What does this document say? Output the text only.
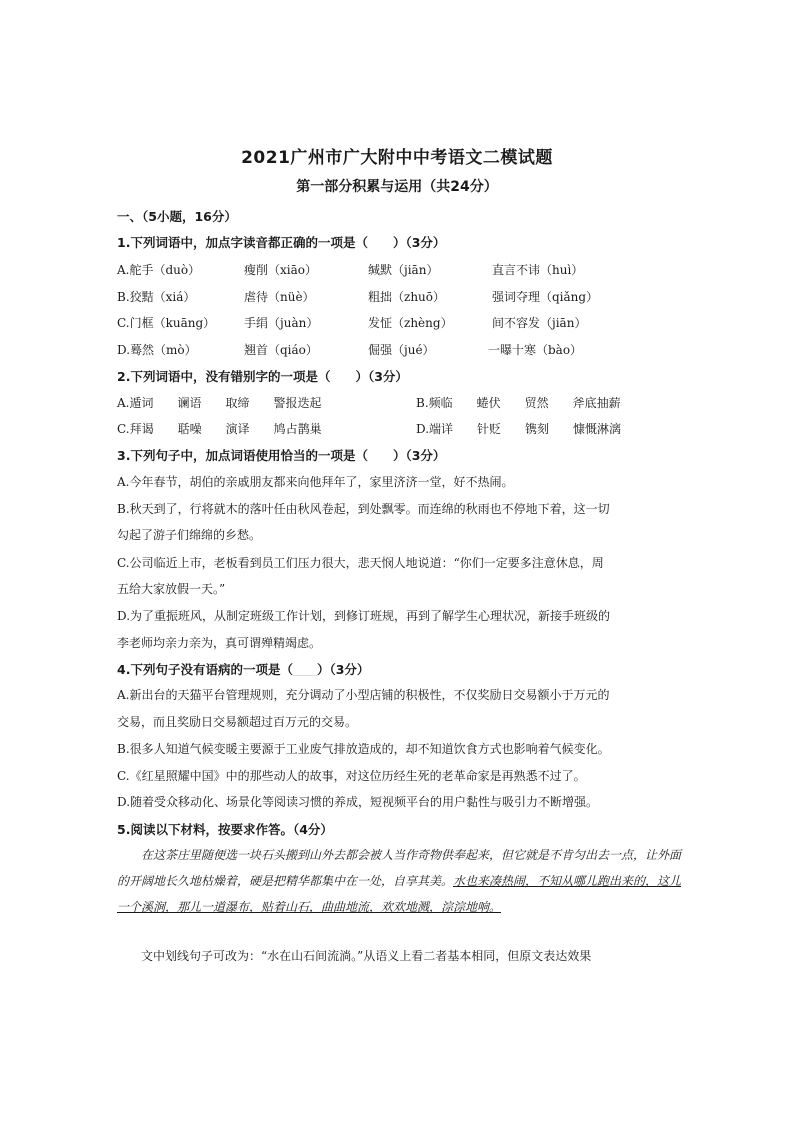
2021广州市广大附中中考语文二模试题
第一部分积累与运用（共24分）
一、（5小题，16分）
1.下列词语中，加点字读音都正确的一项是（　　）（3分）
A.舵手（duò）	瘦削（xiāo）	缄默（jiān）	直言不讳（huì）
B.狡黠（xiá）	虐待（nüè）	粗拙（zhuō）	强词夺理（qiǎng）
C.门框（kuāng） 手绢（juàn）	发怔（zhèng）	间不容发（jiān）
D.蓦然（mò）	翘首（qiáo）	倔强（jué）	一曝十寒（bào）
2.下列词语中，没有错别字的一项是（　　）（3分）
A.遁词　　谰语　　取缔　　警报迭起	B.频临　　蜷伏　　贸然　　斧底抽薪
C.拜谒　　聒噪　　演译　　鸠占鹊巢	D.端详　　针贬　　镌刻　　慷慨淋漓
3.下列句子中，加点词语使用恰当的一项是（　　）（3分）
A.今年春节，胡伯的亲戚朋友都来向他拜年了，家里济济一堂，好不热闹。
B.秋天到了，行将就木的落叶任由秋风卷起，到处飘零。而连绵的秋雨也不停地下着，这一切
勾起了游子们绵绵的乡愁。
C.公司临近上市，老板看到员工们压力很大，悲天悯人地说道：“你们一定要多注意休息，周
五给大家放假一天。”
D.为了重振班风，从制定班级工作计划，到修订班规，再到了解学生心理状况，新接手班级的
李老师均亲力亲为，真可谓殚精竭虑。
4.下列句子没有语病的一项是（ ）（3分）
A.新出台的天猫平台管理规则，充分调动了小型店铺的积极性，不仅奖励日交易额小于万元的
交易，而且奖励日交易额超过百万元的交易。
B.很多人知道气候变暖主要源于工业废气排放造成的，却不知道饮食方式也影响着气候变化。
C.《红星照耀中国》中的那些动人的故事，对这位历经生死的老革命家是再熟悉不过了。
D.随着受众移动化、场景化等阅读习惯的养成，短视频平台的用户黏性与吸引力不断增强。
5.阅读以下材料，按要求作答。（4分）
　　在这茶庄里随便选一块石头搬到山外去都会被人当作奇物供奉起来，但它就是不肯匀出去一点，让外面的开阔地长久地枯燥着，硬是把精华都集中在一处，自享其美。水也来凑热闹，不知从哪儿跑出来的，这儿一个溪涧，那儿一道瀑布，贴着山石，曲曲地流，欢欢地溅，淙淙地响。
　　文中划线句子可改为：“水在山石间流淌。”从语义上看二者基本相同，但原文表达效果
